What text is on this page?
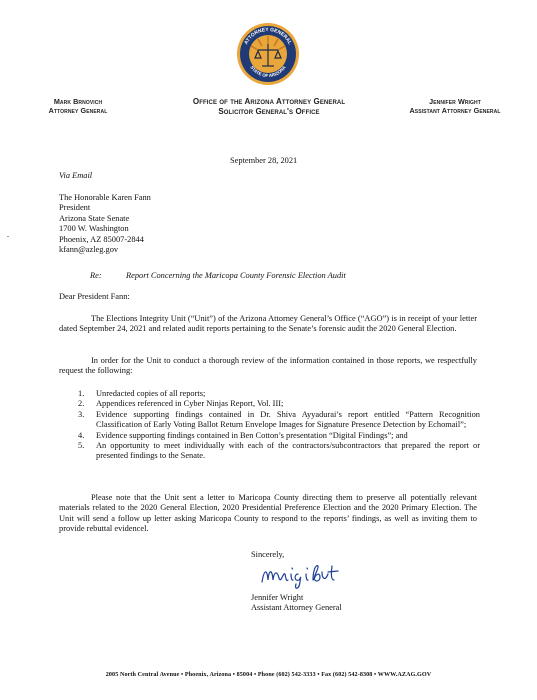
ATTORNEY GENERAL
STATE OF ARIZONA
Mark Brnovich
Attorney General
Office of the Arizona Attorney General
Solicitor General's Office
Jennifer Wright
Assistant Attorney General
September 28, 2021
Via Email
The Honorable Karen Fann
President
Arizona State Senate
1700 W. Washington
Phoenix, AZ 85007-2844
kfann@azleg.gov
Re:	Report Concerning the Maricopa County Forensic Election Audit
Dear President Fann:
The Elections Integrity Unit (“Unit”) of the Arizona Attorney General’s Office (“AGO”) is in receipt of your letter dated September 24, 2021 and related audit reports pertaining to the Senate’s forensic audit the 2020 General Election.
In order for the Unit to conduct a thorough review of the information contained in those reports, we respectfully request the following:
1. Unredacted copies of all reports;
2. Appendices referenced in Cyber Ninjas Report, Vol. III;
3. Evidence supporting findings contained in Dr. Shiva Ayyadurai’s report entitled “Pattern Recognition Classification of Early Voting Ballot Return Envelope Images for Signature Presence Detection by Echomail”;
4. Evidence supporting findings contained in Ben Cotton’s presentation “Digital Findings”; and
5. An opportunity to meet individually with each of the contractors/subcontractors that prepared the report or presented findings to the Senate.
Please note that the Unit sent a letter to Maricopa County directing them to preserve all potentially relevant materials related to the 2020 General Election, 2020 Presidential Preference Election and the 2020 Primary Election. The Unit will send a follow up letter asking Maricopa County to respond to the reports’ findings, as well as inviting them to provide rebuttal evidencel.
Sincerely,
Jennifer Wright
Assistant Attorney General
2005 North Central Avenue • Phoenix, Arizona • 85004 • Phone (602) 542-3333 • Fax (602) 542-8308 • WWW.AZAG.GOV
